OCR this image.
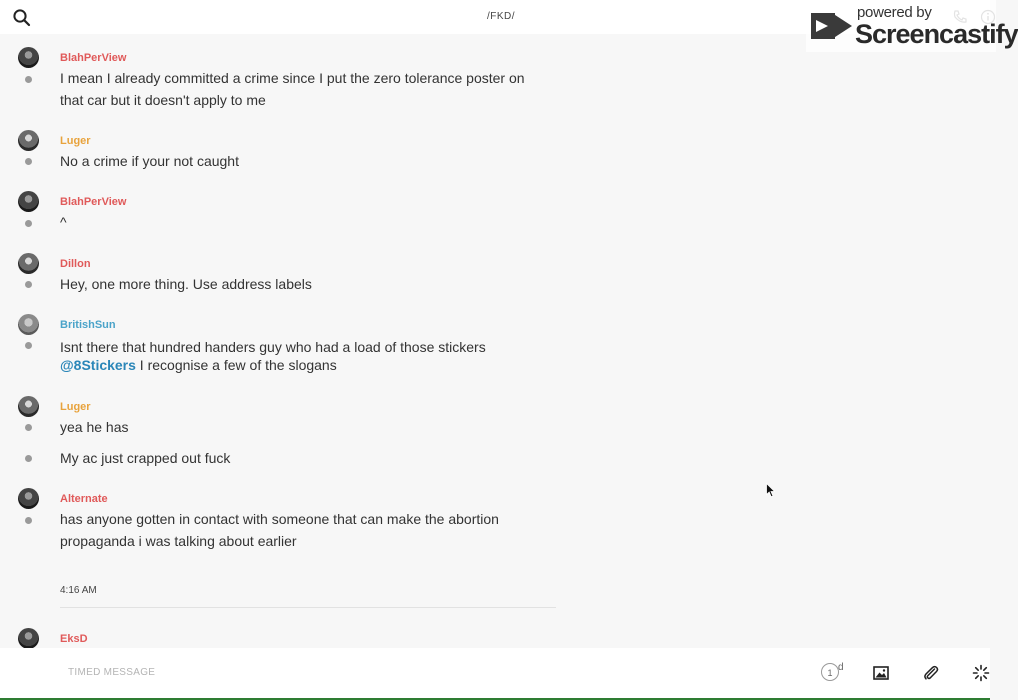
/FKD/	powered by
Screencastify
BlahPerView
I mean I already committed a crime since I put the zero tolerance poster on that car but it doesn't apply to me
Luger
No a crime if your not caught
BlahPerView
^
Dillon
Hey, one more thing. Use address labels
BritishSun
Isnt there that hundred handers guy who had a load of those stickers
@8Stickers I recognise a few of the slogans
Luger
yea he has
My ac just crapped out fuck
Alternate
has anyone gotten in contact with someone that can make the abortion propaganda i was talking about earlier
4:16 AM
EksD
TIMED MESSAGE	1 d
